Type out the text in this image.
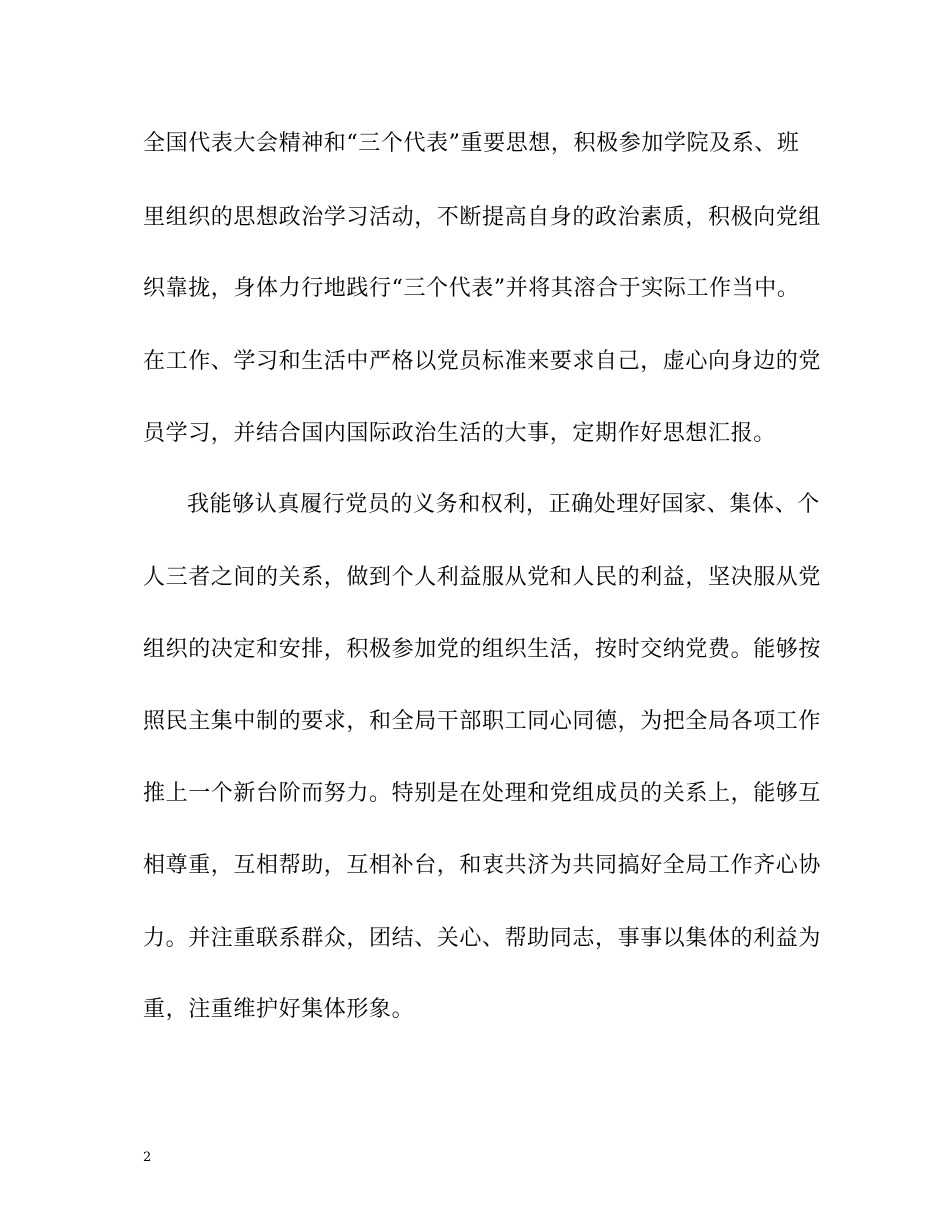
全国代表大会精神和“三个代表”重要思想，积极参加学院及系、班
里组织的思想政治学习活动，不断提高自身的政治素质，积极向党组
织靠拢，身体力行地践行“三个代表”并将其溶合于实际工作当中。
在工作、学习和生活中严格以党员标准来要求自己，虚心向身边的党
员学习，并结合国内国际政治生活的大事，定期作好思想汇报。
我能够认真履行党员的义务和权利，正确处理好国家、集体、个
人三者之间的关系，做到个人利益服从党和人民的利益，坚决服从党
组织的决定和安排，积极参加党的组织生活，按时交纳党费。能够按
照民主集中制的要求，和全局干部职工同心同德，为把全局各项工作
推上一个新台阶而努力。特别是在处理和党组成员的关系上，能够互
相尊重，互相帮助，互相补台，和衷共济为共同搞好全局工作齐心协
力。并注重联系群众，团结、关心、帮助同志，事事以集体的利益为
重，注重维护好集体形象。
2
